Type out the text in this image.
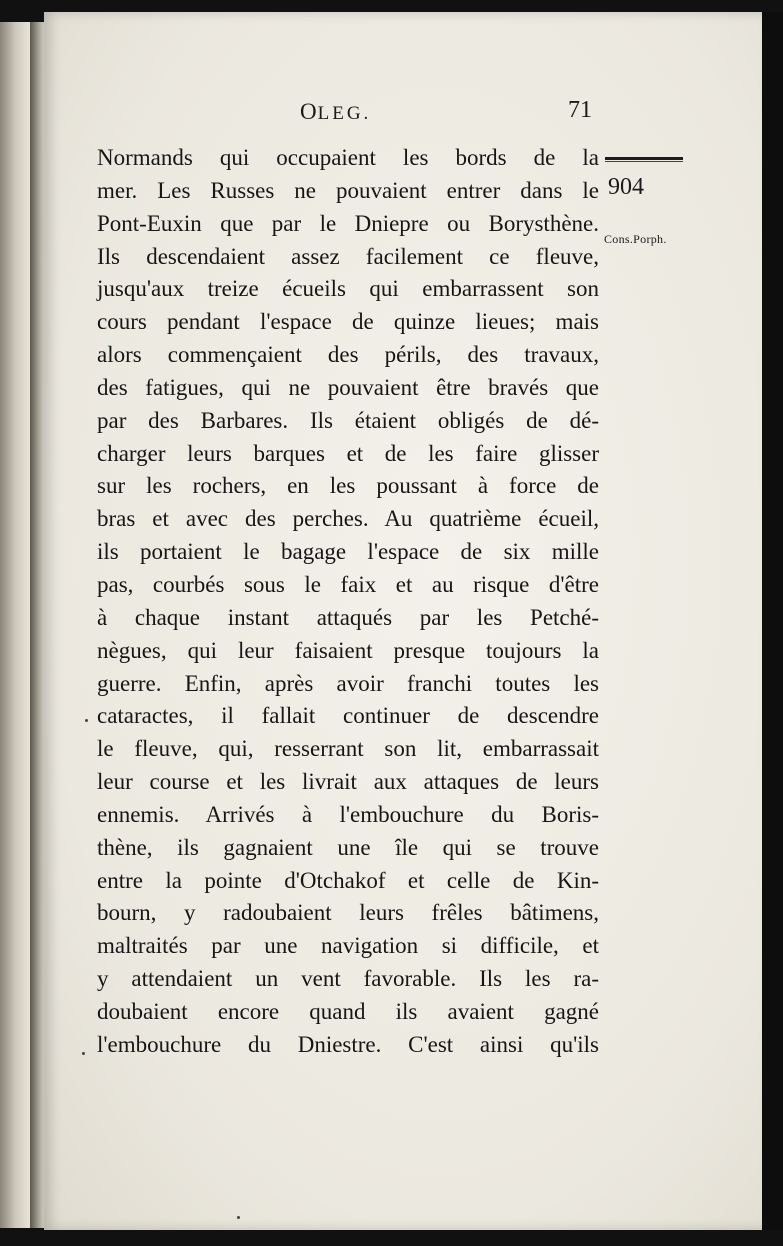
OLEG.	71
904
Cons.Porph.
Normands qui occupaient les bords de la
mer. Les Russes ne pouvaient entrer dans le
Pont-Euxin que par le Dniepre ou Borysthène.
Ils descendaient assez facilement ce fleuve,
jusqu'aux treize écueils qui embarrassent son
cours pendant l'espace de quinze lieues; mais
alors commençaient des périls, des travaux,
des fatigues, qui ne pouvaient être bravés que
par des Barbares. Ils étaient obligés de dé-
charger leurs barques et de les faire glisser
sur les rochers, en les poussant à force de
bras et avec des perches. Au quatrième écueil,
ils portaient le bagage l'espace de six mille
pas, courbés sous le faix et au risque d'être
à chaque instant attaqués par les Petché-
nègues, qui leur faisaient presque toujours la
guerre. Enfin, après avoir franchi toutes les
cataractes, il fallait continuer de descendre
le fleuve, qui, resserrant son lit, embarrassait
leur course et les livrait aux attaques de leurs
ennemis. Arrivés à l'embouchure du Boris-
thène, ils gagnaient une île qui se trouve
entre la pointe d'Otchakof et celle de Kin-
bourn, y radoubaient leurs frêles bâtimens,
maltraités par une navigation si difficile, et
y attendaient un vent favorable. Ils les ra-
doubaient encore quand ils avaient gagné
l'embouchure du Dniestre. C'est ainsi qu'ils
